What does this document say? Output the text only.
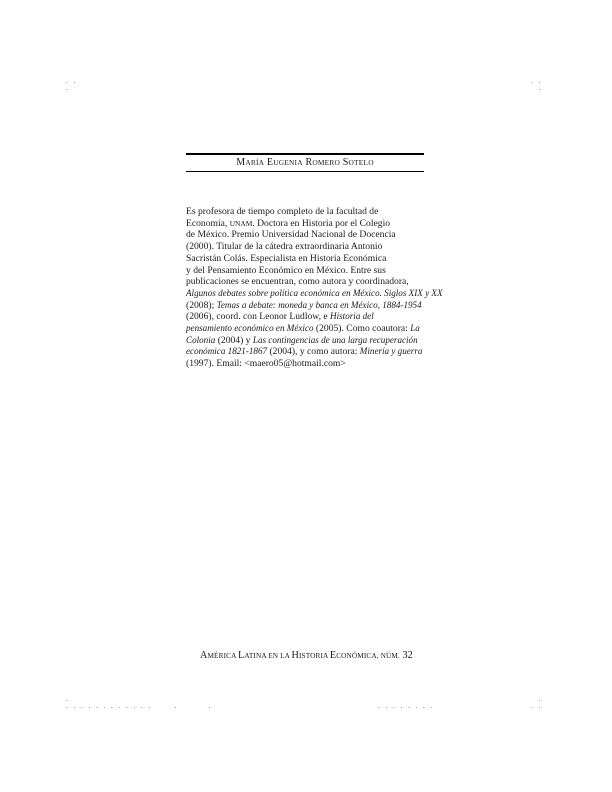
. .
.
. .
.
.
. . . . . . . . . . . .      .        .	. . . . . . . .
.
. .
MARÍA EUGENIA ROMERO SOTELO
Es profesora de tiempo completo de la facultad de
Economía, UNAM. Doctora en Historia por el Colegio
de México. Premio Universidad Nacional de Docencia
(2000). Titular de la cátedra extraordinaria Antonio
Sacristán Colás. Especialista en Historia Económica
y del Pensamiento Económico en México. Entre sus
publicaciones se encuentran, como autora y coordinadora,
Algunos debates sobre política económica en México. Siglos XIX y XX
(2008); Temas a debate: moneda y banca en México, 1884-1954
(2006), coord. con Leonor Ludlow, e Historia del
pensamiento económico en México (2005). Como coautora: La
Colonia (2004) y Las contingencias de una larga recuperación
económica 1821-1867 (2004), y como autora: Minería y guerra
(1997). Email: <maero05@hotmail.com>
AMÉRICA LATINA EN LA HISTORIA ECONÓMICA, NÚM. 32
